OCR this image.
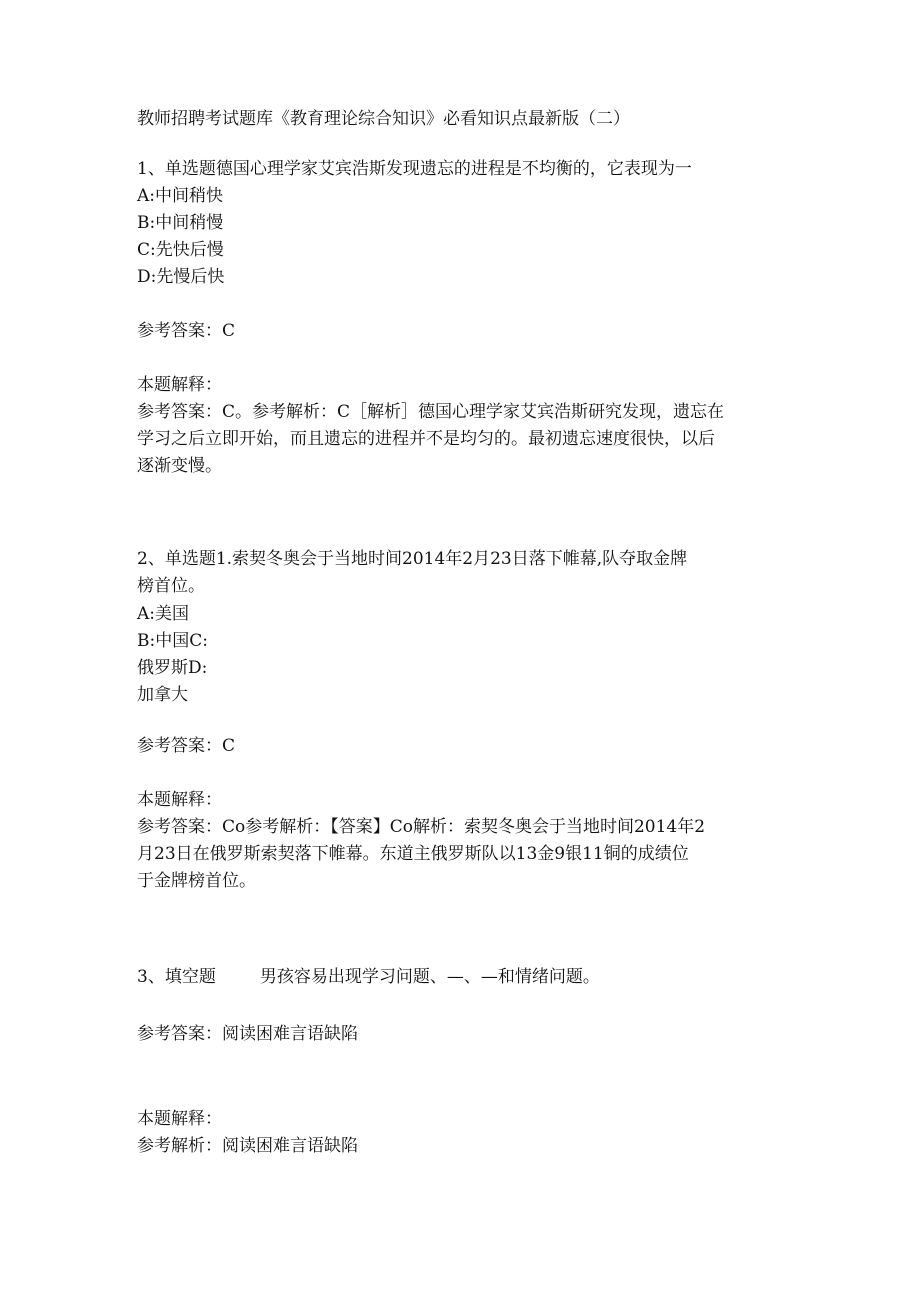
教师招聘考试题库《教育理论综合知识》必看知识点最新版（二）
1、单选题德国心理学家艾宾浩斯发现遗忘的进程是不均衡的，它表现为一
A:中间稍快
B:中间稍慢
C:先快后慢
D:先慢后快
参考答案：C
本题解释：
参考答案：C。参考解析：C［解析］德国心理学家艾宾浩斯研究发现，遗忘在
学习之后立即开始，而且遗忘的进程并不是均匀的。最初遗忘速度很快，以后
逐渐变慢。
2、单选题1.索契冬奥会于当地时间2014年2月23日落下帷幕,队夺取金牌
榜首位。
A:美国
B:中国C:
俄罗斯D:
加拿大
参考答案：C
本题解释：
参考答案：Co参考解析：【答案】Co解析：索契冬奥会于当地时间2014年2
月23日在俄罗斯索契落下帷幕。东道主俄罗斯队以13金9银11铜的成绩位
于金牌榜首位。
3、填空题	男孩容易出现学习问题、—、—和情绪问题。
参考答案：阅读困难言语缺陷
本题解释：
参考解析：阅读困难言语缺陷
